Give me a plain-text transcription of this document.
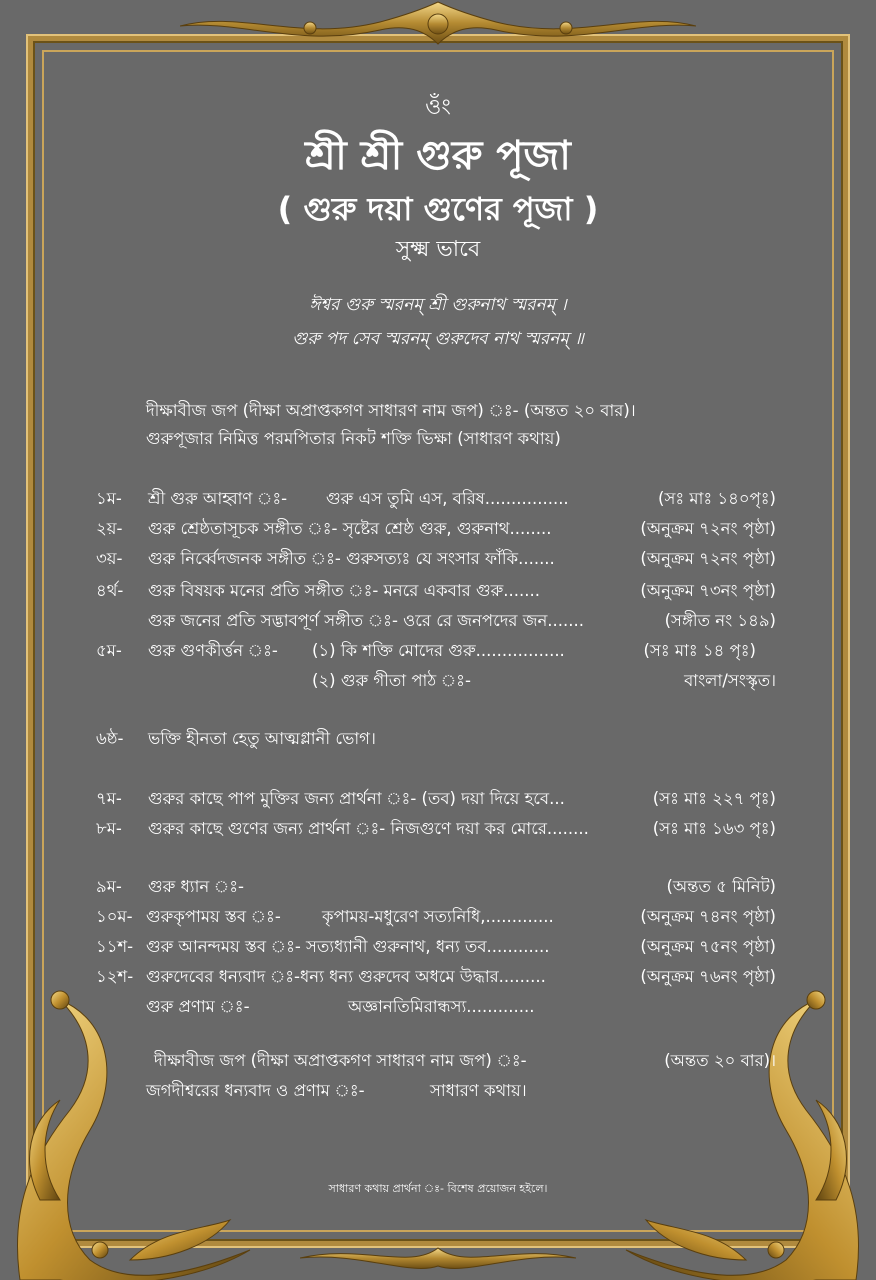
ওঁং
শ্রী শ্রী গুরু পূজা
( গুরু দয়া গুণের পূজা )
সুক্ষ্ম ভাবে
ঈশ্বর গুরু স্মরনম্ শ্রী গুরুনাথ স্মরনম্ ।
গুরু পদ সেব স্মরনম্ গুরুদেব নাথ স্মরনম্ ॥
দীক্ষাবীজ জপ (দীক্ষা অপ্রাপ্তকগণ সাধারণ নাম জপ) ঃ- (অন্তত ২০ বার)।
গুরুপূজার নিমিত্ত পরমপিতার নিকট শক্তি ভিক্ষা (সাধারণ কথায়)
১ম- শ্রী গুরু আহ্বাণ ঃ- গুরু এস তুমি এস, বরিষ................	(সঃ মাঃ ১৪০পৃঃ)
২য়- গুরু শ্রেষ্ঠতাসূচক সঙ্গীত ঃ- সৃষ্টের শ্রেষ্ঠ গুরু, গুরুনাথ........	(অনুক্রম ৭২নং পৃষ্ঠা)
৩য়- গুরু নির্ব্বেদজনক সঙ্গীত ঃ- গুরুসত্যঃ যে সংসার ফাঁকি.......	(অনুক্রম ৭২নং পৃষ্ঠা)
৪র্থ- গুরু বিষয়ক মনের প্রতি সঙ্গীত ঃ- মনরে একবার গুরু.......	(অনুক্রম ৭৩নং পৃষ্ঠা)
গুরু জনের প্রতি সদ্ভাবপূর্ণ সঙ্গীত ঃ- ওরে রে জনপদের জন.......	(সঙ্গীত নং ১৪৯)
৫ম- গুরু গুণকীর্ত্তন ঃ- (১) কি শক্তি মোদের গুরু.................	(সঃ মাঃ ১৪ পৃঃ)
(২) গুরু গীতা পাঠ ঃ-	বাংলা/সংস্কৃত।
৬ষ্ঠ- ভক্তি হীনতা হেতু আত্মগ্লানী ভোগ।
৭ম- গুরুর কাছে পাপ মুক্তির জন্য প্রার্থনা ঃ- (তব) দয়া দিয়ে হবে...	(সঃ মাঃ ২২৭ পৃঃ)
৮ম- গুরুর কাছে গুণের জন্য প্রার্থনা ঃ- নিজগুণে দয়া কর মোরে........	(সঃ মাঃ ১৬৩ পৃঃ)
৯ম- গুরু ধ্যান ঃ-	(অন্তত ৫ মিনিট)
১০ম- গুরুকৃপাময় স্তব ঃ- কৃপাময়-মধুরেণ সত্যনিধি,.............	(অনুক্রম ৭৪নং পৃষ্ঠা)
১১শ- গুরু আনন্দময় স্তব ঃ- সত্যধ্যানী গুরুনাথ, ধন্য তব............	(অনুক্রম ৭৫নং পৃষ্ঠা)
১২শ- গুরুদেবের ধন্যবাদ ঃ-ধন্য ধন্য গুরুদেব অধমে উদ্ধার.........	(অনুক্রম ৭৬নং পৃষ্ঠা)
গুরু প্রণাম ঃ-	অজ্ঞানতিমিরান্ধস্য.............
দীক্ষাবীজ জপ (দীক্ষা অপ্রাপ্তকগণ সাধারণ নাম জপ) ঃ-	(অন্তত ২০ বার)।
জগদীশ্বরের ধন্যবাদ ও প্রণাম ঃ-	সাধারণ কথায়।
সাধারণ কথায় প্রার্থনা ঃ- বিশেষ প্রয়োজন হইলে।
